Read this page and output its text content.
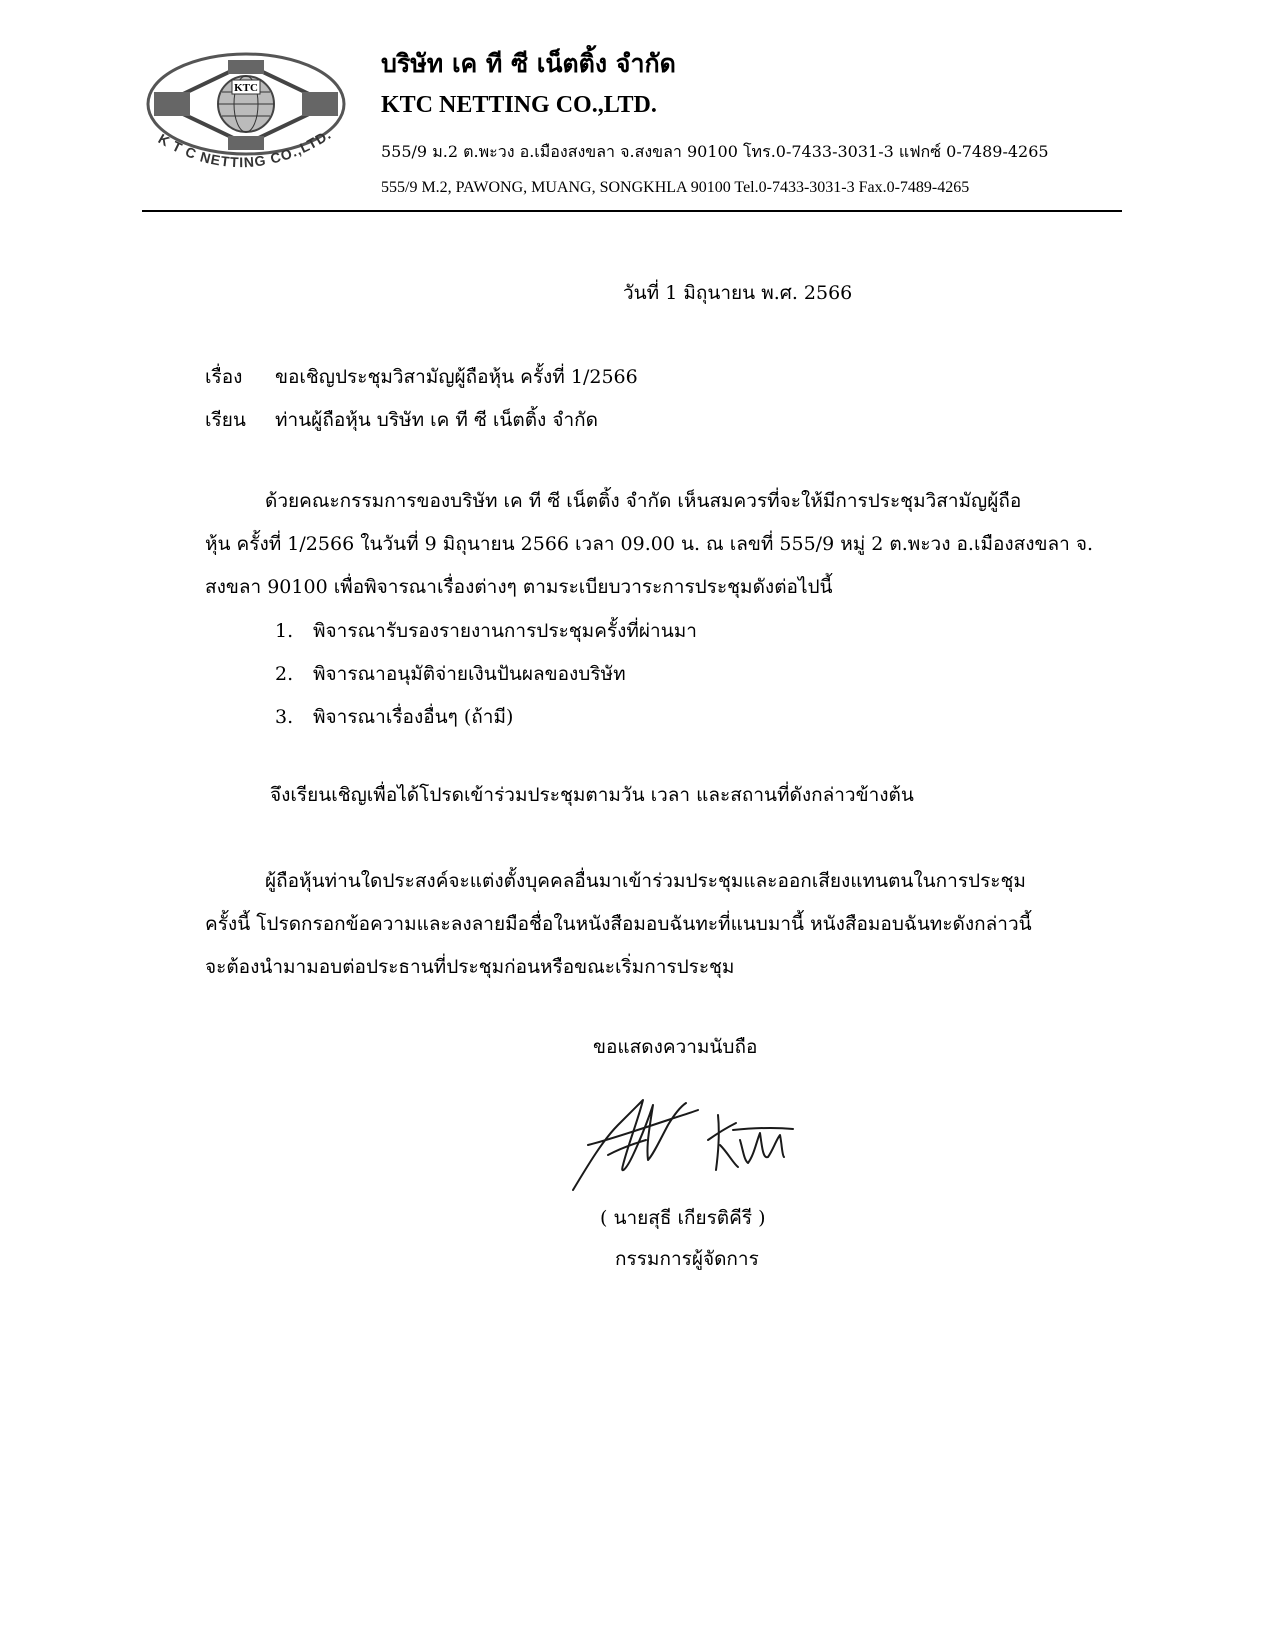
KTC
K T C NETTING CO.,LTD.
บริษัท เค ที ซี เน็ตติ้ง จำกัด
KTC NETTING CO.,LTD.
555/9 ม.2 ต.พะวง อ.เมืองสงขลา จ.สงขลา 90100 โทร.0-7433-3031-3 แฟกซ์ 0-7489-4265
555/9 M.2, PAWONG, MUANG, SONGKHLA 90100 Tel.0-7433-3031-3 Fax.0-7489-4265
วันที่ 1 มิถุนายน พ.ศ. 2566
เรื่อง ขอเชิญประชุมวิสามัญผู้ถือหุ้น ครั้งที่ 1/2566
เรียน ท่านผู้ถือหุ้น บริษัท เค ที ซี เน็ตติ้ง จำกัด
ด้วยคณะกรรมการของบริษัท เค ที ซี เน็ตติ้ง จำกัด เห็นสมควรที่จะให้มีการประชุมวิสามัญผู้ถือ
หุ้น ครั้งที่ 1/2566 ในวันที่ 9 มิถุนายน 2566 เวลา 09.00 น. ณ เลขที่ 555/9 หมู่ 2 ต.พะวง อ.เมืองสงขลา จ.
สงขลา 90100 เพื่อพิจารณาเรื่องต่างๆ ตามระเบียบวาระการประชุมดังต่อไปนี้
1. พิจารณารับรองรายงานการประชุมครั้งที่ผ่านมา
2. พิจารณาอนุมัติจ่ายเงินปันผลของบริษัท
3. พิจารณาเรื่องอื่นๆ (ถ้ามี)
จึงเรียนเชิญเพื่อได้โปรดเข้าร่วมประชุมตามวัน เวลา และสถานที่ดังกล่าวข้างต้น
ผู้ถือหุ้นท่านใดประสงค์จะแต่งตั้งบุคคลอื่นมาเข้าร่วมประชุมและออกเสียงแทนตนในการประชุม
ครั้งนี้ โปรดกรอกข้อความและลงลายมือชื่อในหนังสือมอบฉันทะที่แนบมานี้ หนังสือมอบฉันทะดังกล่าวนี้
จะต้องนำมามอบต่อประธานที่ประชุมก่อนหรือขณะเริ่มการประชุม
ขอแสดงความนับถือ
( นายสุธี เกียรติคีรี )
กรรมการผู้จัดการ
